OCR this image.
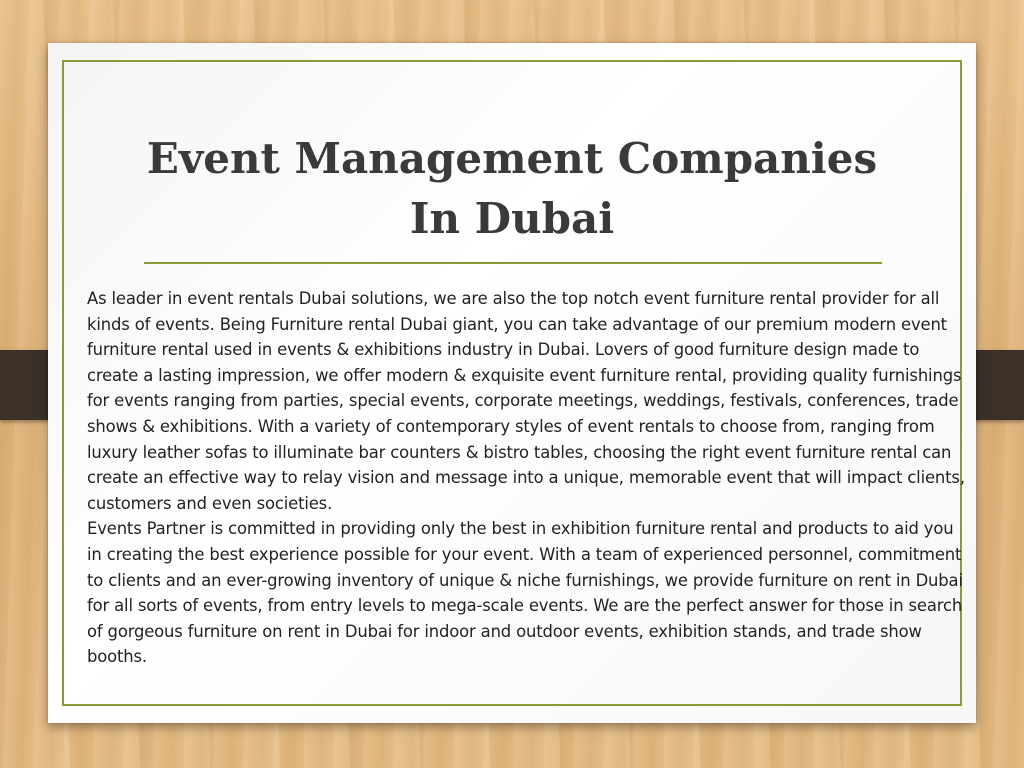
Event Management Companies
In Dubai

As leader in event rentals Dubai solutions, we are also the top notch event furniture rental provider for all kinds of events. Being Furniture rental Dubai giant, you can take advantage of our premium modern event furniture rental used in events & exhibitions industry in Dubai. Lovers of good furniture design made to create a lasting impression, we offer modern & exquisite event furniture rental, providing quality furnishings for events ranging from parties, special events, corporate meetings, weddings, festivals, conferences, trade shows & exhibitions. With a variety of contemporary styles of event rentals to choose from, ranging from luxury leather sofas to illuminate bar counters & bistro tables, choosing the right event furniture rental can create an effective way to relay vision and message into a unique, memorable event that will impact clients, customers and even societies.

Events Partner is committed in providing only the best in exhibition furniture rental and products to aid you in creating the best experience possible for your event. With a team of experienced personnel, commitment to clients and an ever-growing inventory of unique & niche furnishings, we provide furniture on rent in Dubai for all sorts of events, from entry levels to mega-scale events. We are the perfect answer for those in search of gorgeous furniture on rent in Dubai for indoor and outdoor events, exhibition stands, and trade show booths.
